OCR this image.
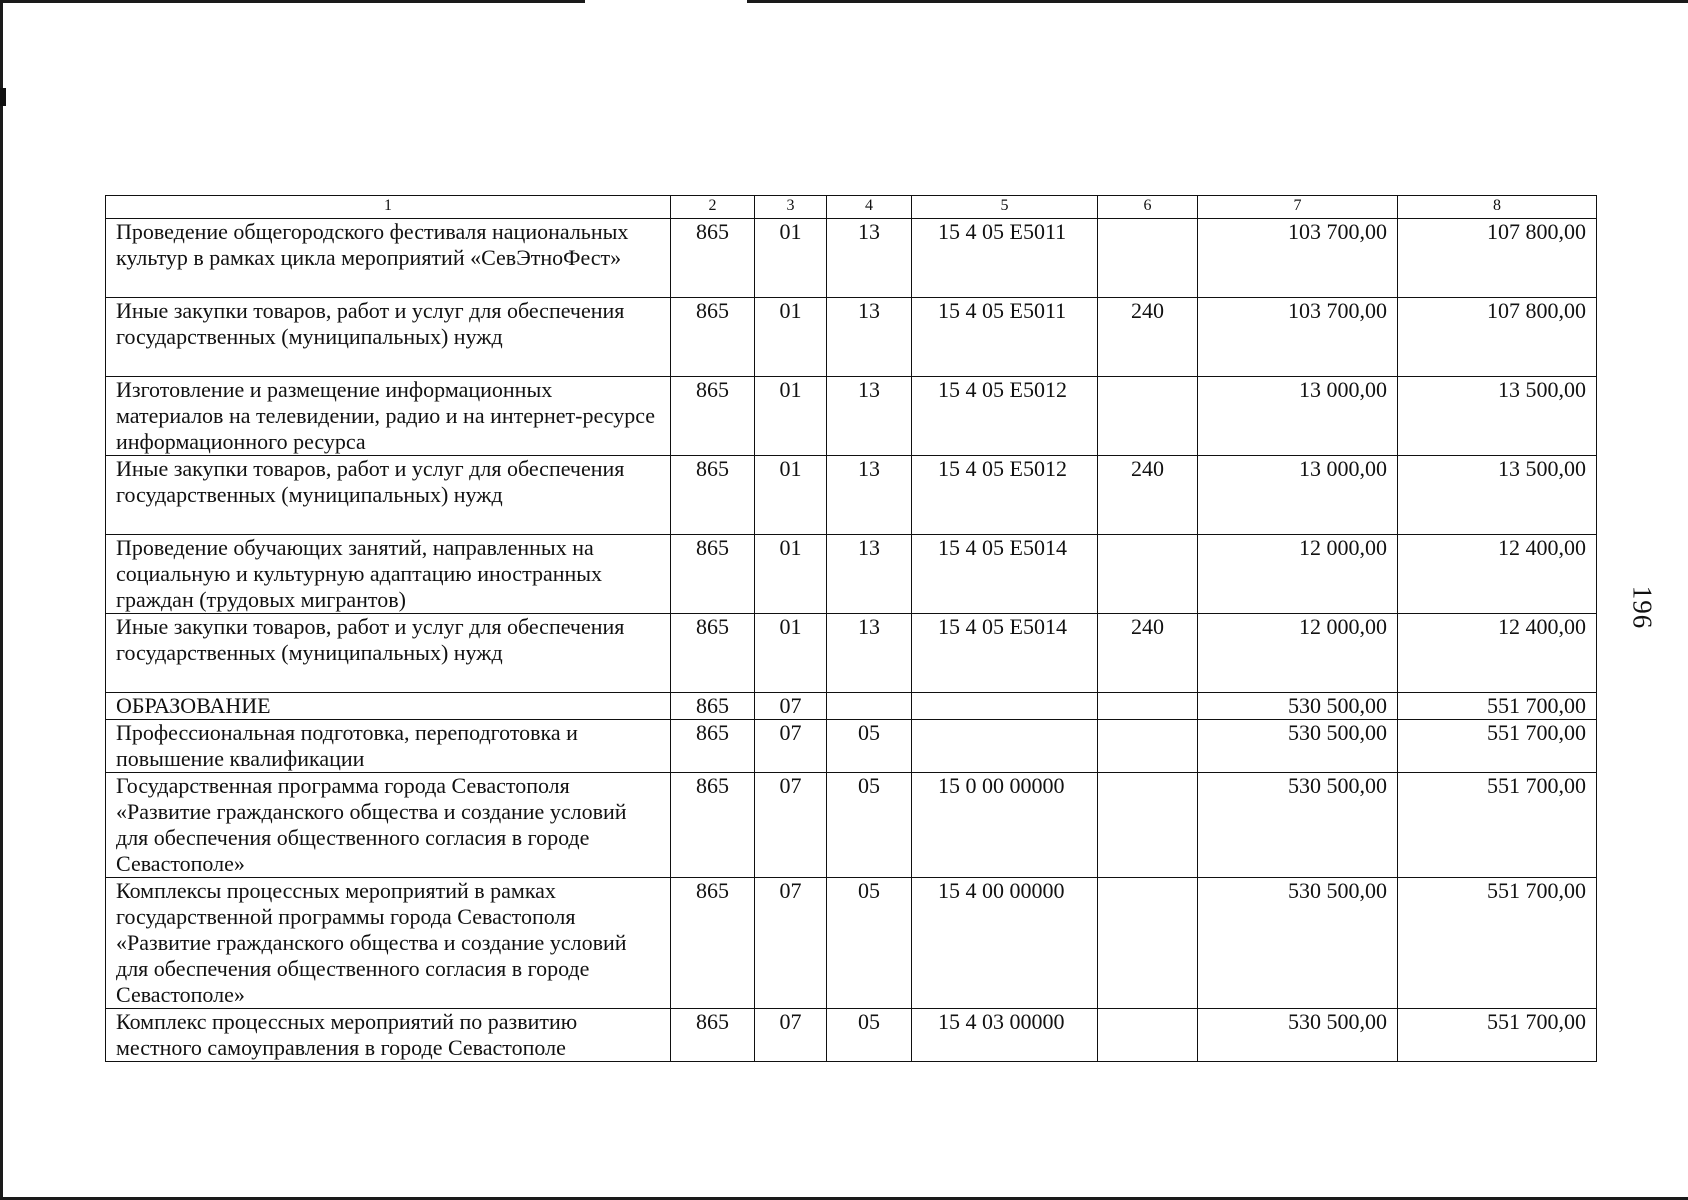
196
1	2	3	4	5	6	7	8
Проведение общегородского фестиваля национальных культур в рамках цикла мероприятий «СевЭтноФест»	865	01	13	15 4 05 Е5011		103 700,00	107 800,00
Иные закупки товаров, работ и услуг для обеспечения государственных (муниципальных) нужд	865	01	13	15 4 05 Е5011	240	103 700,00	107 800,00
Изготовление и размещение информационных материалов на телевидении, радио и на интернет-ресурсе информационного ресурса	865	01	13	15 4 05 Е5012		13 000,00	13 500,00
Иные закупки товаров, работ и услуг для обеспечения государственных (муниципальных) нужд	865	01	13	15 4 05 Е5012	240	13 000,00	13 500,00
Проведение обучающих занятий, направленных на социальную и культурную адаптацию иностранных граждан (трудовых мигрантов)	865	01	13	15 4 05 Е5014		12 000,00	12 400,00
Иные закупки товаров, работ и услуг для обеспечения государственных (муниципальных) нужд	865	01	13	15 4 05 Е5014	240	12 000,00	12 400,00
ОБРАЗОВАНИЕ	865	07				530 500,00	551 700,00
Профессиональная подготовка, переподготовка и повышение квалификации	865	07	05			530 500,00	551 700,00
Государственная программа города Севастополя «Развитие гражданского общества и создание условий для обеспечения общественного согласия в городе Севастополе»	865	07	05	15 0 00 00000		530 500,00	551 700,00
Комплексы процессных мероприятий в рамках государственной программы города Севастополя «Развитие гражданского общества и создание условий для обеспечения общественного согласия в городе Севастополе»	865	07	05	15 4 00 00000		530 500,00	551 700,00
Комплекс процессных мероприятий по развитию местного самоуправления в городе Севастополе	865	07	05	15 4 03 00000		530 500,00	551 700,00
